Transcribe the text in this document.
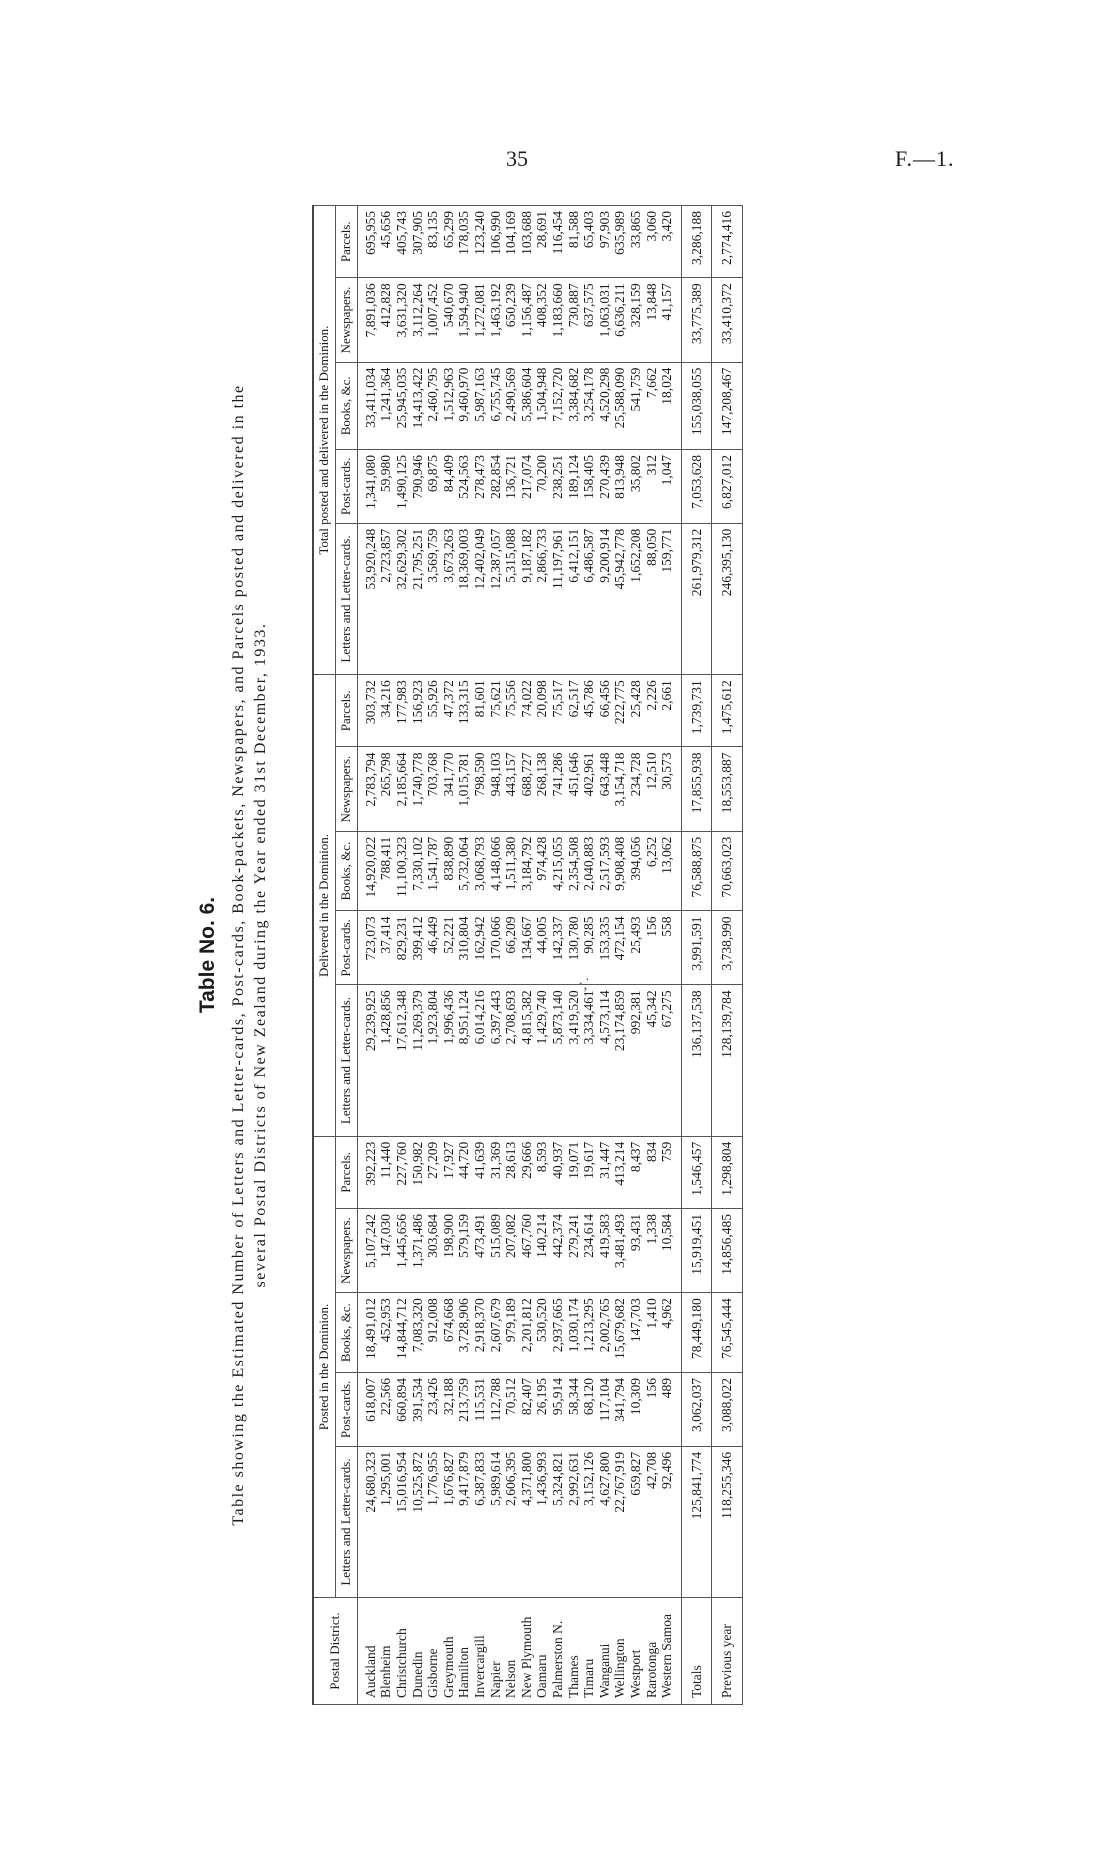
35	F.—1.
Table No. 6. Table showing the Estimated Number of Letters and Letter-cards, Post-cards, Book-packets, Newspapers, and Parcels posted and delivered in the several Postal Districts of New Zealand during the Year ended 31st December, 1933.
Postal District.	Posted in the Dominion.					Delivered in the Dominion.					Total posted and delivered in the Dominion.				
	Letters and Letter-cards.	Post-cards.	Books, &c.	Newspapers.	Parcels.	Letters and Letter-cards.	Post-cards.	Books, &c.	Newspapers.	Parcels.	Letters and Letter-cards.	Post-cards.	Books, &c.	Newspapers.	Parcels.
Auckland	24,680,323	618,007	18,491,012	5,107,242	392,223	29,239,925	723,073	14,920,022	2,783,794	303,732	53,920,248	1,341,080	33,411,034	7,891,036	695,955
Blenheim	1,295,001	22,566	452,953	147,030	11,440	1,428,856	37,414	788,411	265,798	34,216	2,723,857	59,980	1,241,364	412,828	45,656
Christchurch	15,016,954	660,894	14,844,712	1,445,656	227,760	17,612,348	829,231	11,100,323	2,185,664	177,983	32,629,302	1,490,125	25,945,035	3,631,320	405,743
Dunedin	10,525,872	391,534	7,083,320	1,371,486	150,982	11,269,379	399,412	7,330,102	1,740,778	156,923	21,795,251	790,946	14,413,422	3,112,264	307,905
Gisborne	1,776,955	23,426	912,008	303,684	27,209	1,923,804	46,449	1,541,787	703,768	55,926	3,569,759	69,875	2,460,795	1,007,452	83,135
Greymouth	1,676,827	32,188	674,668	198,900	17,927	1,996,436	52,221	838,890	341,770	47,372	3,673,263	84,409	1,512,963	540,670	65,299
Hamilton	9,417,879	213,759	3,728,906	579,159	44,720	8,951,124	310,804	5,732,064	1,015,781	133,315	18,369,003	524,563	9,460,970	1,594,940	178,035
Invercargill	6,387,833	115,531	2,918,370	473,491	41,639	6,014,216	162,942	3,068,793	798,590	81,601	12,402,049	278,473	5,987,163	1,272,081	123,240
Napier	5,989,614	112,788	2,607,679	515,089	31,369	6,397,443	170,066	4,148,066	948,103	75,621	12,387,057	282,854	6,755,745	1,463,192	106,990
Nelson	2,606,395	70,512	979,189	207,082	28,613	2,708,693	66,209	1,511,380	443,157	75,556	5,315,088	136,721	2,490,569	650,239	104,169
New Plymouth	4,371,800	82,407	2,201,812	467,760	29,666	4,815,382	134,667	3,184,792	688,727	74,022	9,187,182	217,074	5,386,604	1,156,487	103,688
Oamaru	1,436,993	26,195	530,520	140,214	8,593	1,429,740	44,005	974,428	268,138	20,098	2,866,733	70,200	1,504,948	408,352	28,691
Palmerston N.	5,324,821	95,914	2,937,665	442,374	40,937	5,873,140	142,337	4,215,055	741,286	75,517	11,197,961	238,251	7,152,720	1,183,660	116,454
Thames	2,992,631	58,344	1,030,174	279,241	19,071	3,419,520	130,780	2,354,508	451,646	62,517	6,412,151	189,124	3,384,682	730,887	81,588
Timaru	3,152,126	68,120	1,213,295	234,614	19,617	3,334,461	90,285	2,040,883	402,961	45,786	6,486,587	158,405	3,254,178	637,575	65,403
Wanganui	4,627,800	117,104	2,002,765	419,583	31,447	4,573,114	153,335	2,517,593	643,448	66,456	9,200,914	270,439	4,520,298	1,063,031	97,903
Wellington	22,767,919	341,794	15,679,682	3,481,493	413,214	23,174,859	472,154	9,908,408	3,154,718	222,775	45,942,778	813,948	25,588,090	6,636,211	635,989
Westport	659,827	10,309	147,703	93,431	8,437	992,381	25,493	394,056	234,728	25,428	1,652,208	35,802	541,759	328,159	33,865
Rarotonga	42,708	156	1,410	1,338	834	45,342	156	6,252	12,510	2,226	88,050	312	7,662	13,848	3,060
Western Samoa	92,496	489	4,962	10,584	759	67,275	558	13,062	30,573	2,661	159,771	1,047	18,024	41,157	3,420
Totals	125,841,774	3,062,037	78,449,180	15,919,451	1,546,457	136,137,538	3,991,591	76,588,875	17,855,938	1,739,731	261,979,312	7,053,628	155,038,055	33,775,389	3,286,188
Previous year	118,255,346	3,088,022	76,545,444	14,856,485	1,298,804	128,139,784	3,738,990	70,663,023	18,553,887	1,475,612	246,395,130	6,827,012	147,208,467	33,410,372	2,774,416
·,̇
